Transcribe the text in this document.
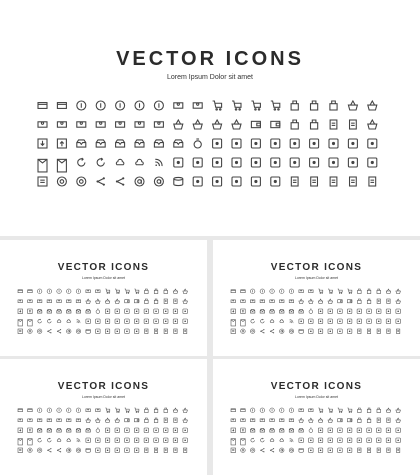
VECTOR ICONS
Lorem Ipsum Dolor sit amet
VECTOR ICONS
Lorem Ipsum Dolor sit amet
VECTOR ICONS
Lorem Ipsum Dolor sit amet
VECTOR ICONS
Lorem Ipsum Dolor sit amet
VECTOR ICONS
Lorem Ipsum Dolor sit amet
